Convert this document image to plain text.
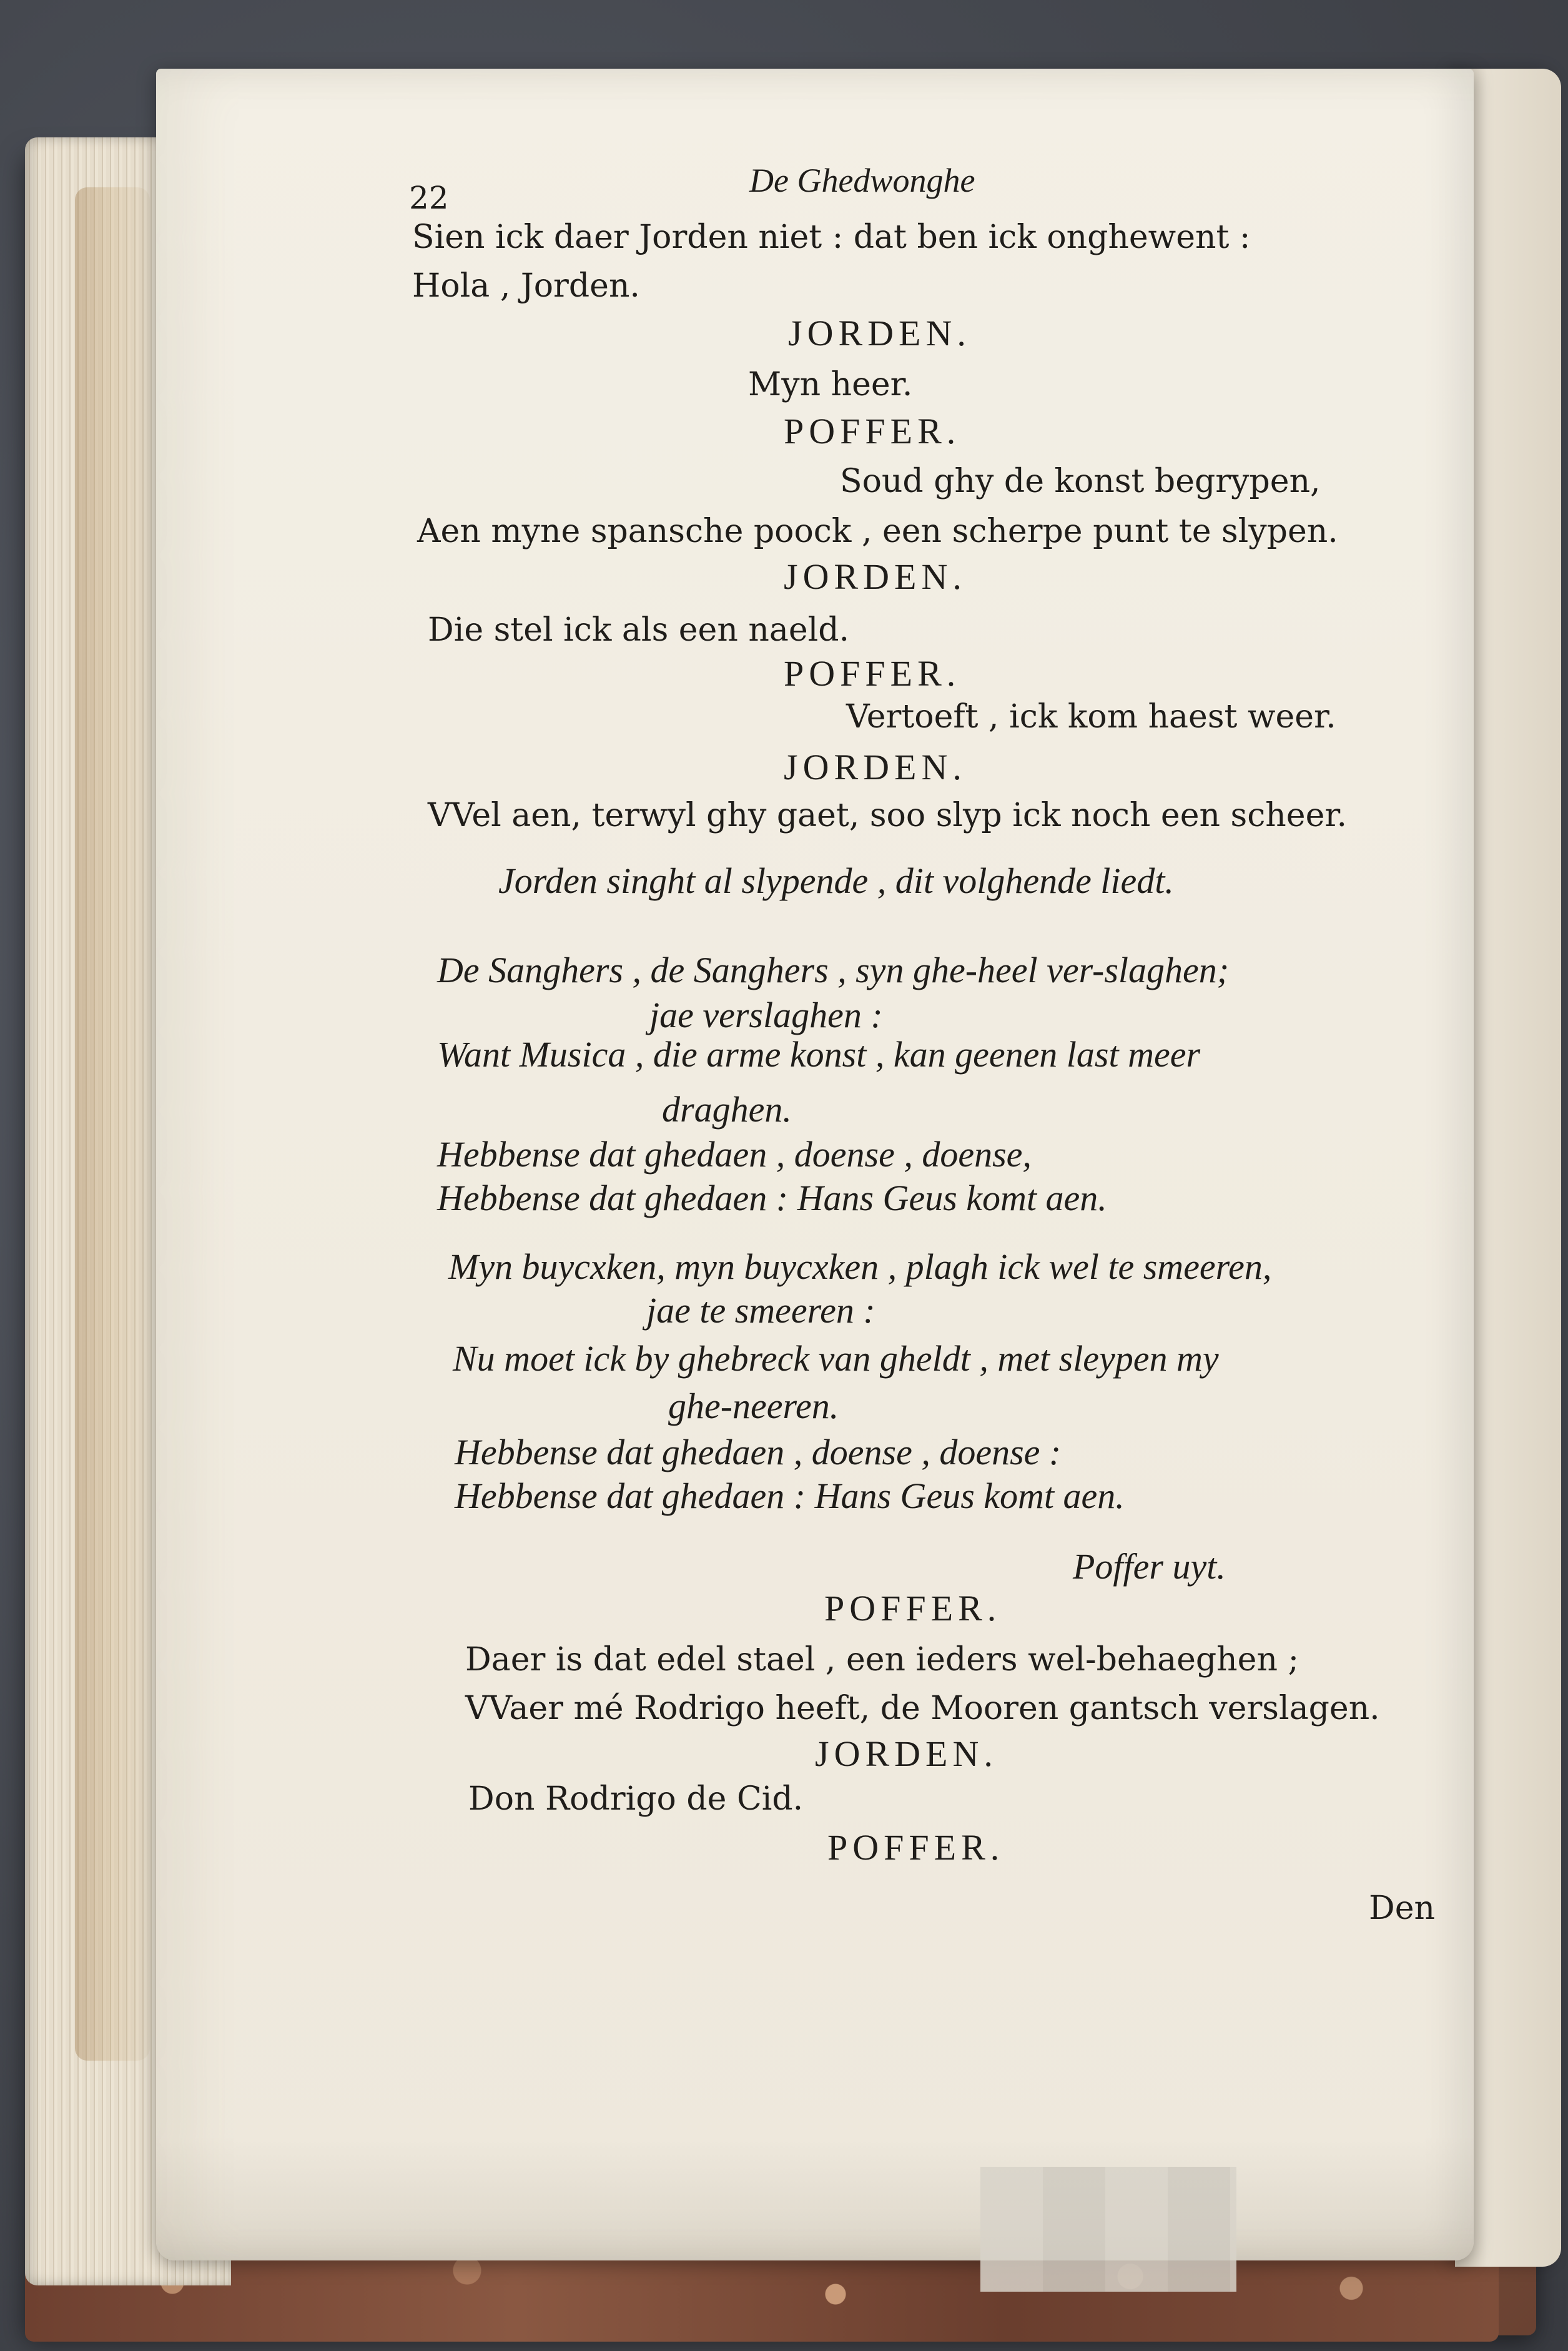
22	De Ghedwonghe
Sien ick daer Jorden niet : dat ben ick onghewent :
Hola , Jorden.
JORDEN.
Myn heer.
POFFER.
Soud ghy de konst begrypen,
Aen myne spansche poock , een scherpe punt te slypen.
JORDEN.
Die stel ick als een naeld.
POFFER.
Vertoeft , ick kom haest weer.
JORDEN.
VVel aen, terwyl ghy gaet, soo slyp ick noch een scheer.
Jorden singht al slypende , dit volghende liedt.
De Sanghers , de Sanghers , syn ghe-heel ver-slaghen;
jae verslaghen :
Want Musica , die arme konst , kan geenen last meer
draghen.
Hebbense dat ghedaen , doense , doense,
Hebbense dat ghedaen : Hans Geus komt aen.
Myn buycxken, myn buycxken , plagh ick wel te smeeren,
jae te smeeren :
Nu moet ick by ghebreck van gheldt , met sleypen my
ghe-neeren.
Hebbense dat ghedaen , doense , doense :
Hebbense dat ghedaen : Hans Geus komt aen.
Poffer uyt.
POFFER.
Daer is dat edel stael , een ieders wel-behaeghen ;
VVaer mé Rodrigo heeft, de Mooren gantsch verslagen.
JORDEN.
Don Rodrigo de Cid.
POFFER.
Den
